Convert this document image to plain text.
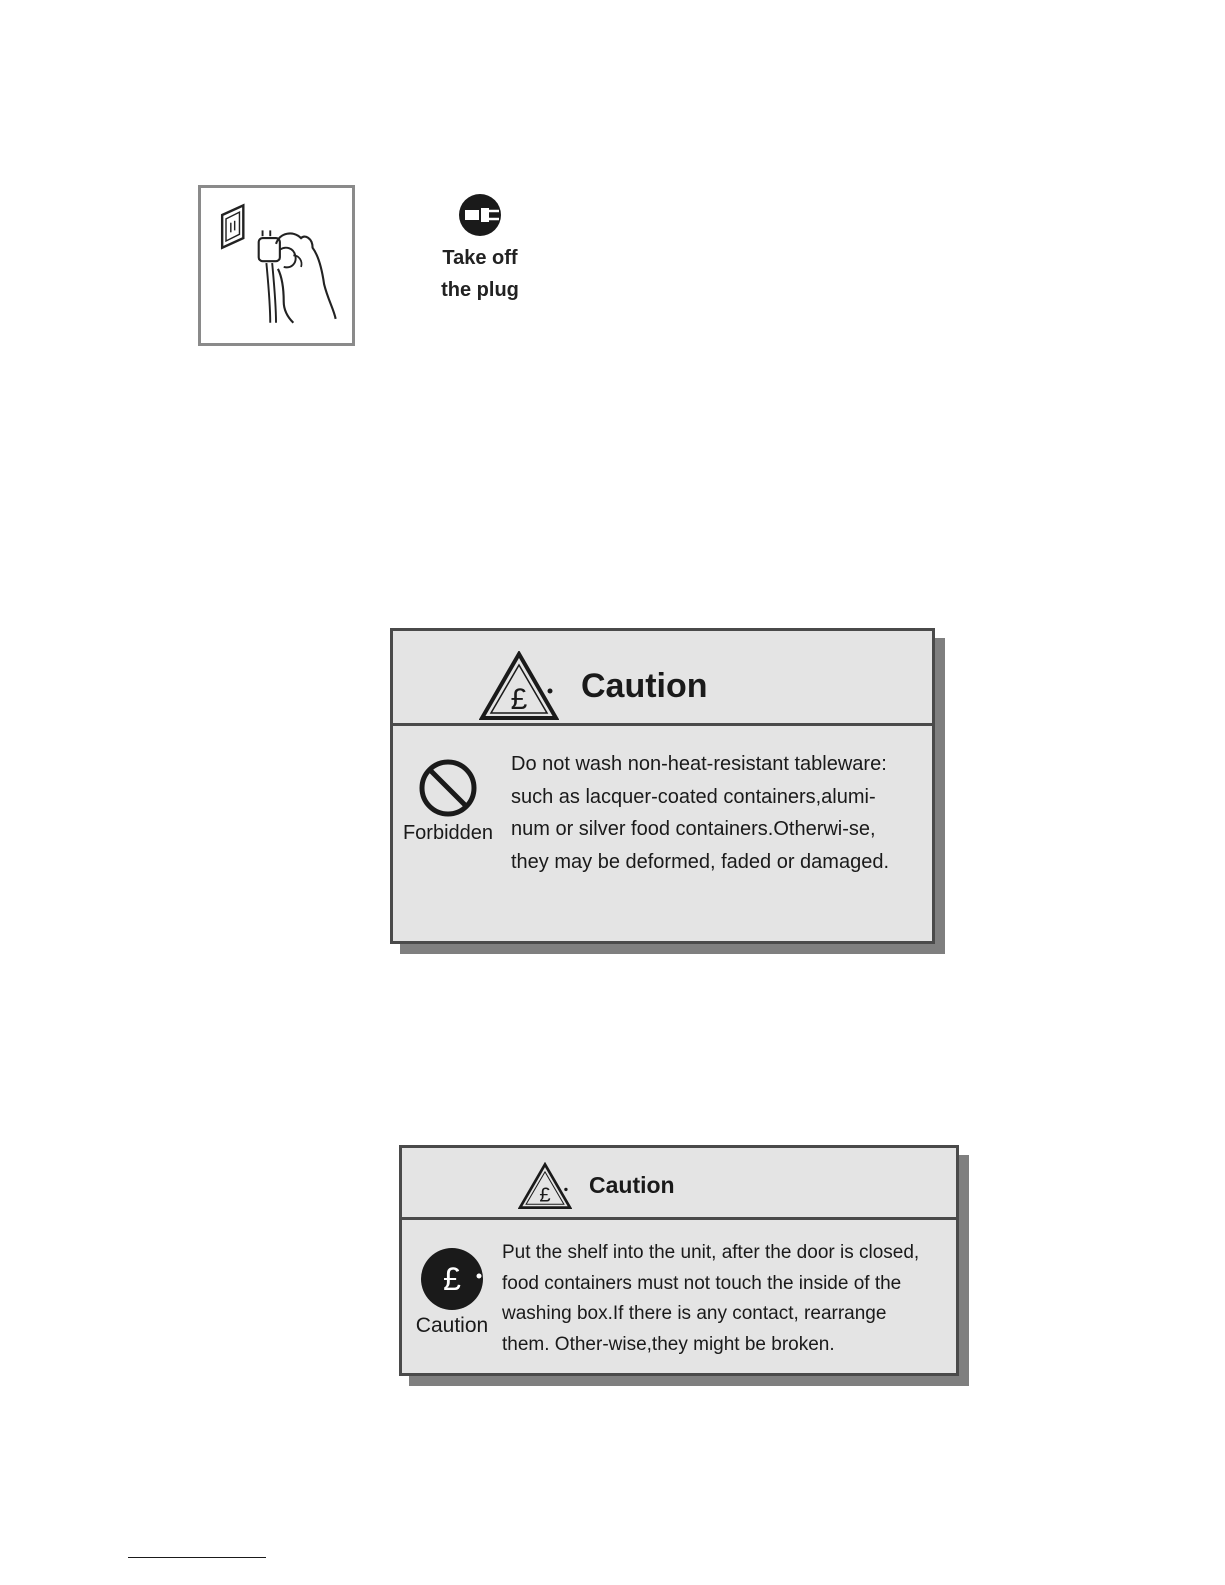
Take off
the plug
£ Caution
Forbidden
Do not wash non-heat-resistant tableware:
such as lacquer-coated containers,alumi-
num or silver food containers.Otherwi-se,
they may be deformed, faded or damaged.
£ Caution
£
Caution
Put the shelf into the unit, after the door is closed,
food containers must not touch the inside of the
washing box.If there is any contact, rearrange
them. Other-wise,they might be broken.
